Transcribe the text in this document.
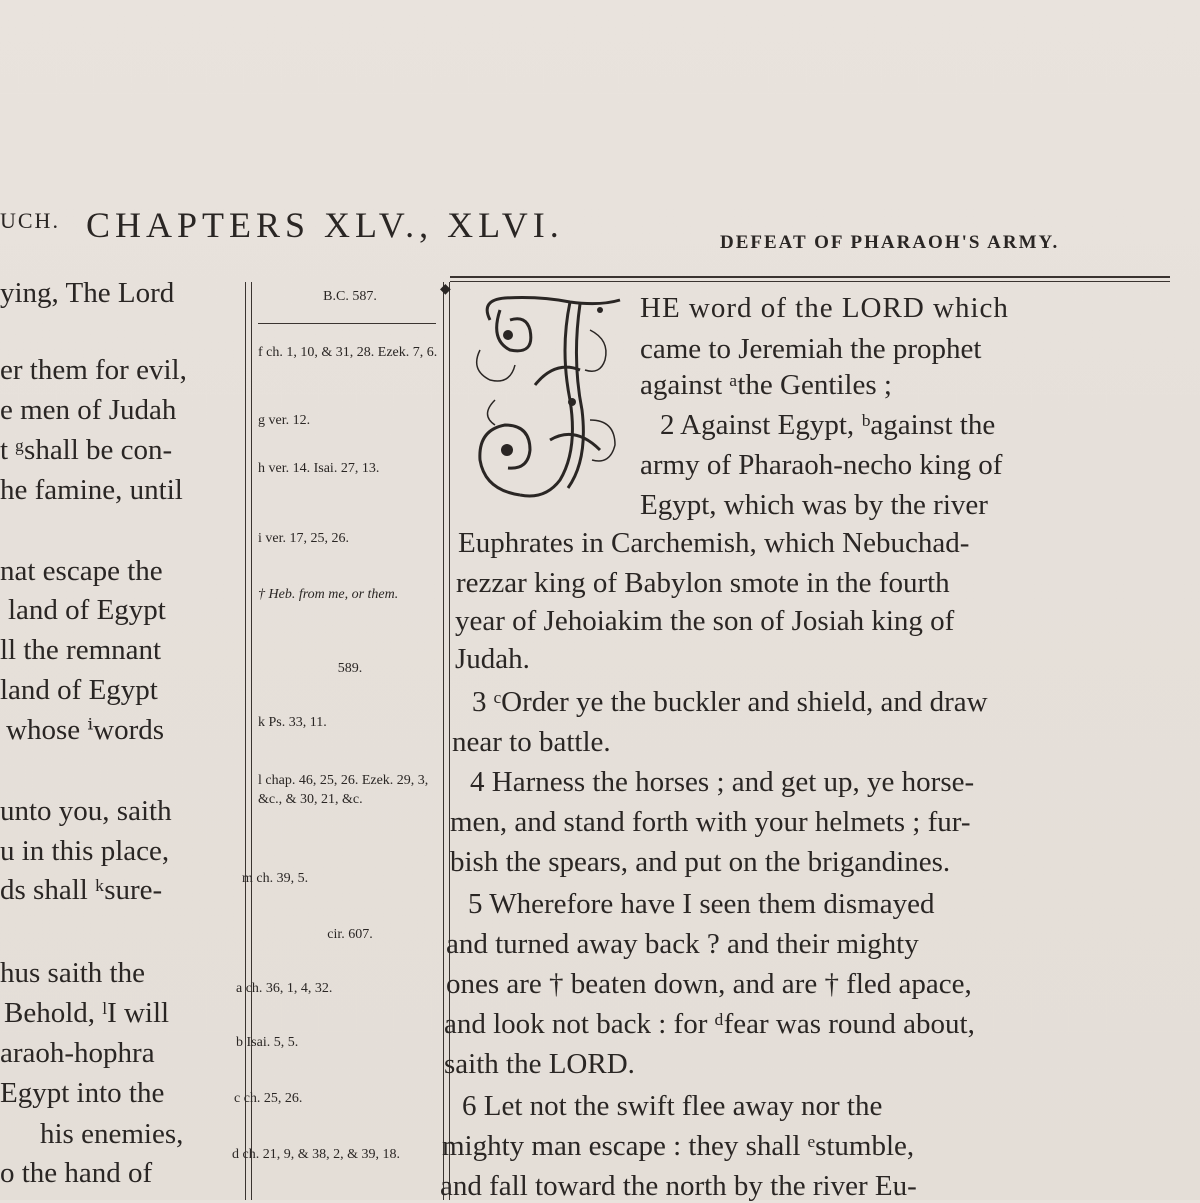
UCH. CHAPTERS XLV., XLVI.	DEFEAT OF PHARAOH'S ARMY.
ying, The Lord
er them for evil,
e men of Judah
t ᵍshall be con-
he famine, until
nat escape the
land of Egypt
ll the remnant
land of Egypt
whose ⁱwords
unto you, saith
u in this place,
ds shall ᵏsure-
hus saith the
Behold, ˡI will
araoh-hophra
Egypt into the
his enemies,
o the hand of
B.C. 587.
f ch. 1, 10, & 31, 28. Ezek. 7, 6.
g ver. 12.
h ver. 14. Isai. 27, 13.
i ver. 17, 25, 26.
† Heb. from me, or them.
589.
k Ps. 33, 11.
l chap. 46, 25, 26. Ezek. 29, 3, &c., & 30, 21, &c.
m ch. 39, 5.
cir. 607.
a ch. 36, 1, 4, 32.
b Isai. 5, 5.
c ch. 25, 26.
d ch. 21, 9, & 38, 2, & 39, 18.
◆
HE word of the LORD which
came to Jeremiah the prophet
against ᵃthe Gentiles ;
2 Against Egypt, ᵇagainst the
army of Pharaoh-necho king of
Egypt, which was by the river
Euphrates in Carchemish, which Nebuchad-
rezzar king of Babylon smote in the fourth
year of Jehoiakim the son of Josiah king of
Judah.
3 ᶜOrder ye the buckler and shield, and draw
near to battle.
4 Harness the horses ; and get up, ye horse-
men, and stand forth with your helmets ; fur-
bish the spears, and put on the brigandines.
5 Wherefore have I seen them dismayed
and turned away back ? and their mighty
ones are † beaten down, and are † fled apace,
and look not back : for ᵈfear was round about,
saith the LORD.
6 Let not the swift flee away nor the
mighty man escape : they shall ᵉstumble,
and fall toward the north by the river Eu-
